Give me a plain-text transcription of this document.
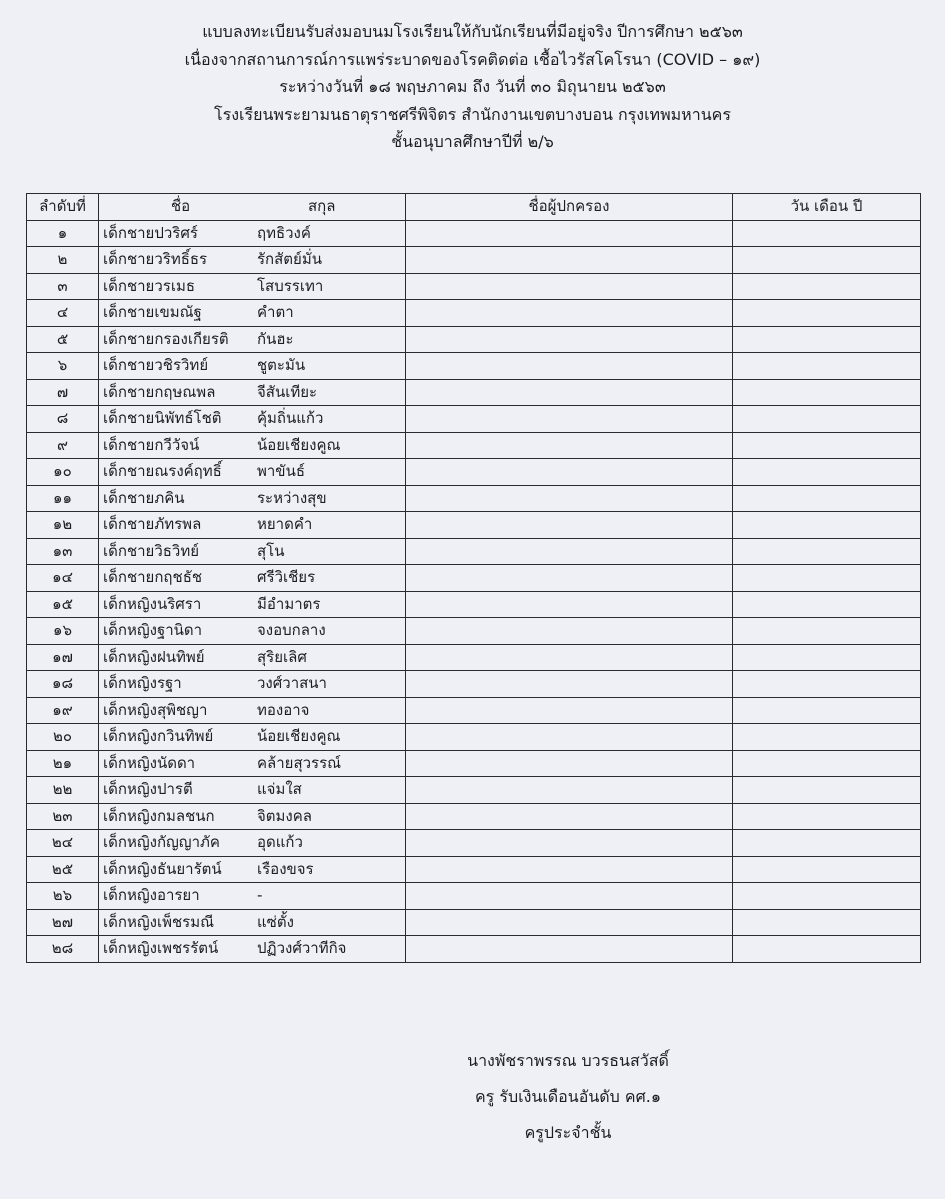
แบบลงทะเบียนรับส่งมอบนมโรงเรียนให้กับนักเรียนที่มีอยู่จริง ปีการศึกษา ๒๕๖๓
เนื่องจากสถานการณ์การแพร่ระบาดของโรคติดต่อ เชื้อไวรัสโคโรนา (COVID – ๑๙)
ระหว่างวันที่ ๑๘ พฤษภาคม ถึง วันที่ ๓๐ มิถุนายน ๒๕๖๓
โรงเรียนพระยามนธาตุราชศรีพิจิตร สำนักงานเขตบางบอน กรุงเทพมหานคร
ชั้นอนุบาลศึกษาปีที่ ๒/๖
ลำดับที่	ชื่อ สกุล	ชื่อผู้ปกครอง	วัน เดือน ปี
๑	เด็กชายปวริศร์ ฤทธิวงค์		

๒	เด็กชายวริทธิ์ธร รักสัตย์มั่น		

๓	เด็กชายวรเมธ โสบรรเทา		

๔	เด็กชายเขมณัฐ คำตา		

๕	เด็กชายกรองเกียรติ กันฮะ		

๖	เด็กชายวชิรวิทย์ ชูตะมัน		

๗	เด็กชายกฤษณพล จีสันเทียะ		

๘	เด็กชายนิพัทธ์โชติ คุ้มถิ่นแก้ว		

๙	เด็กชายกวีวัจน์ น้อยเชียงคูณ		

๑๐	เด็กชายณรงค์ฤทธิ์ พาขันธ์		

๑๑	เด็กชายภคิน ระหว่างสุข		

๑๒	เด็กชายภัทรพล หยาดคำ		

๑๓	เด็กชายวิธวิทย์ สุโน		

๑๔	เด็กชายกฤชธัช ศรีวิเชียร		

๑๕	เด็กหญิงนริศรา มีอำมาตร		

๑๖	เด็กหญิงฐานิดา จงอบกลาง		

๑๗	เด็กหญิงฝนทิพย์ สุริยเลิศ		

๑๘	เด็กหญิงรฐา วงศ์วาสนา		

๑๙	เด็กหญิงสุพิชญา ทองอาจ		

๒๐	เด็กหญิงกวินทิพย์ น้อยเชียงคูณ		

๒๑	เด็กหญิงนัดดา คล้ายสุวรรณ์		

๒๒	เด็กหญิงปารตี แจ่มใส		

๒๓	เด็กหญิงกมลชนก จิตมงคล		

๒๔	เด็กหญิงกัญญาภัค อุดแก้ว		

๒๕	เด็กหญิงธันยารัตน์ เรืองขจร		

๒๖	เด็กหญิงอารยา -		

๒๗	เด็กหญิงเพ็ชรมณี แซ่ตั้ง		

๒๘	เด็กหญิงเพชรรัตน์ ปฏิวงศ์วาทีกิจ		

นางพัชราพรรณ บวรธนสวัสดิ์
ครู รับเงินเดือนอันดับ คศ.๑
ครูประจำชั้น
